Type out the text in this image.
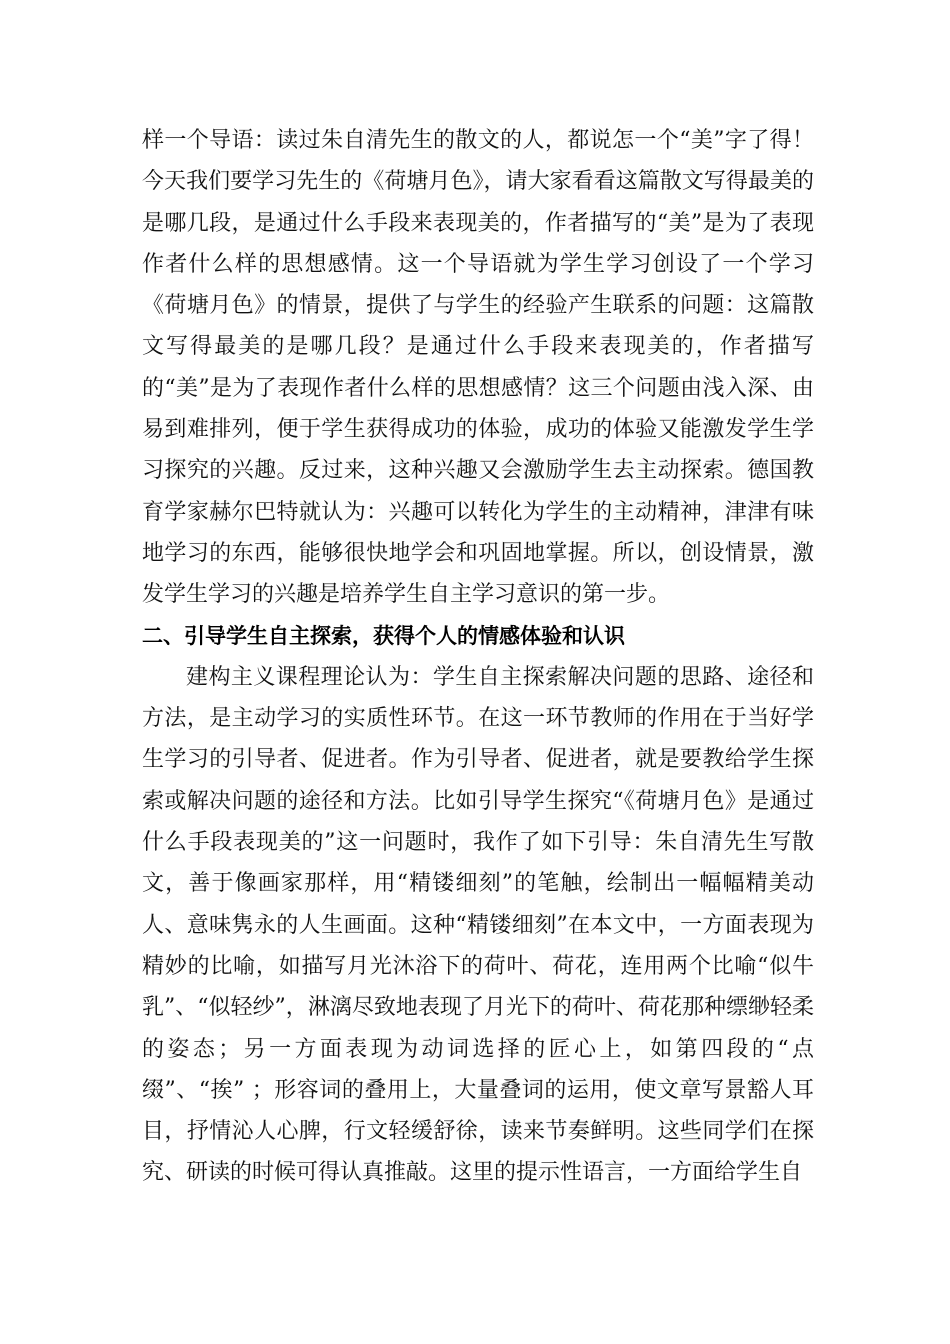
样一个导语：读过朱自清先生的散文的人，都说怎一个“美”字了得！今天我们要学习先生的《荷塘月色》，请大家看看这篇散文写得最美的是哪几段，是通过什么手段来表现美的，作者描写的“美”是为了表现作者什么样的思想感情。这一个导语就为学生学习创设了一个学习《荷塘月色》的情景，提供了与学生的经验产生联系的问题：这篇散文写得最美的是哪几段？是通过什么手段来表现美的，作者描写的“美”是为了表现作者什么样的思想感情？这三个问题由浅入深、由易到难排列，便于学生获得成功的体验，成功的体验又能激发学生学习探究的兴趣。反过来，这种兴趣又会激励学生去主动探索。德国教育学家赫尔巴特就认为：兴趣可以转化为学生的主动精神，津津有味地学习的东西，能够很快地学会和巩固地掌握。所以，创设情景，激发学生学习的兴趣是培养学生自主学习意识的第一步。

二、引导学生自主探索，获得个人的情感体验和认识

建构主义课程理论认为：学生自主探索解决问题的思路、途径和方法，是主动学习的实质性环节。在这一环节教师的作用在于当好学生学习的引导者、促进者。作为引导者、促进者，就是要教给学生探索或解决问题的途径和方法。比如引导学生探究“《荷塘月色》是通过什么手段表现美的”这一问题时，我作了如下引导：朱自清先生写散文，善于像画家那样，用“精镂细刻”的笔触，绘制出一幅幅精美动人、意味隽永的人生画面。这种“精镂细刻”在本文中，一方面表现为精妙的比喻，如描写月光沐浴下的荷叶、荷花，连用两个比喻“似牛乳”、“似轻纱”，淋漓尽致地表现了月光下的荷叶、荷花那种缥缈轻柔的姿态；另一方面表现为动词选择的匠心上，如第四段的“点缀”、“挨” ；形容词的叠用上，大量叠词的运用，使文章写景豁人耳目，抒情沁人心脾，行文轻缓舒徐，读来节奏鲜明。这些同学们在探究、研读的时候可得认真推敲。这里的提示性语言，一方面给学生自
